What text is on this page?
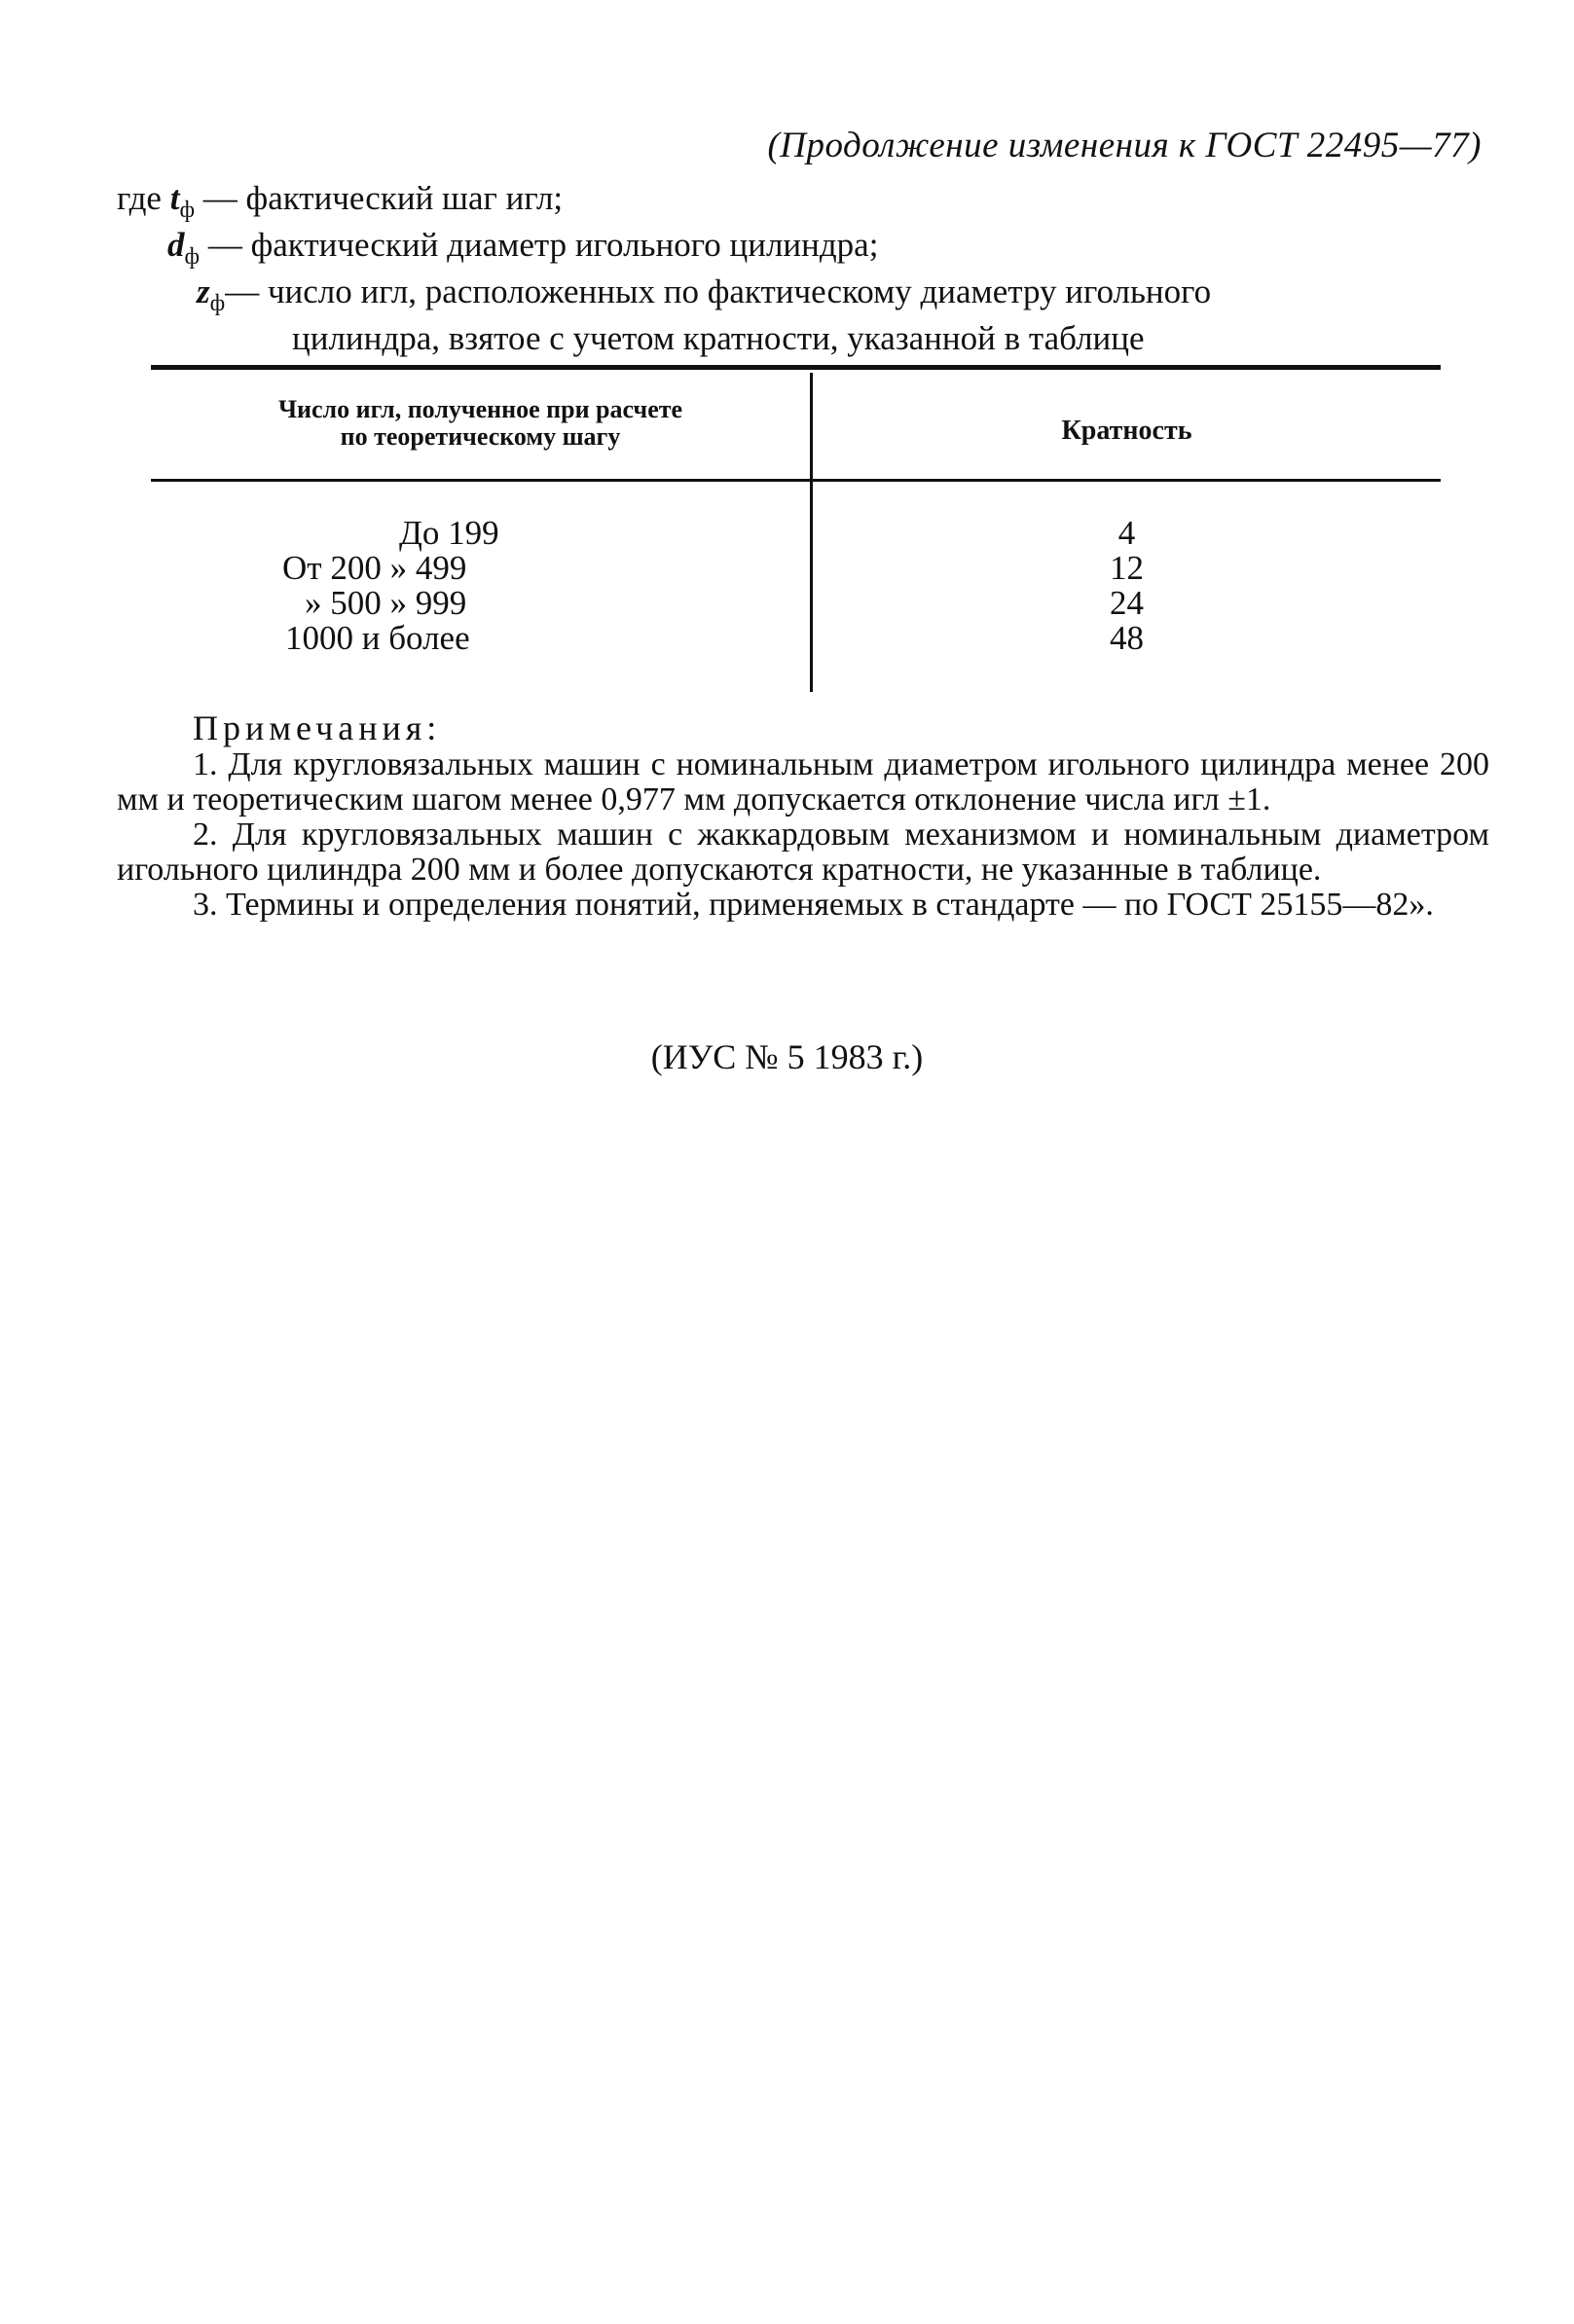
(Продолжение изменения к ГОСТ 22495—77)
где $t_ф$ — фактический шаг игл;
$d_ф$ — фактический диаметр игольного цилиндра;
$z_ф$ — число игл, расположенных по фактическому диаметру игольного
цилиндра, взятое с учетом кратности, указанной в таблице
Число игл, полученное при расчете
по теоретическому шагу	Кратность
До 199
От 200 » 499
» 500 » 999
1000 и более
4
12
24
48
Примечания:

1. Для кругловязальных машин с номинальным диаметром игольного цилиндра менее 200 мм и теоретическим шагом менее 0,977 мм допускается отклонение числа игл ±1.

2. Для кругловязальных машин с жаккардовым механизмом и номинальным диаметром игольного цилиндра 200 мм и более допускаются кратности, не указанные в таблице.

3. Термины и определения понятий, применяемых в стандарте — по ГОСТ 25155—82».

(ИУС № 5 1983 г.)
